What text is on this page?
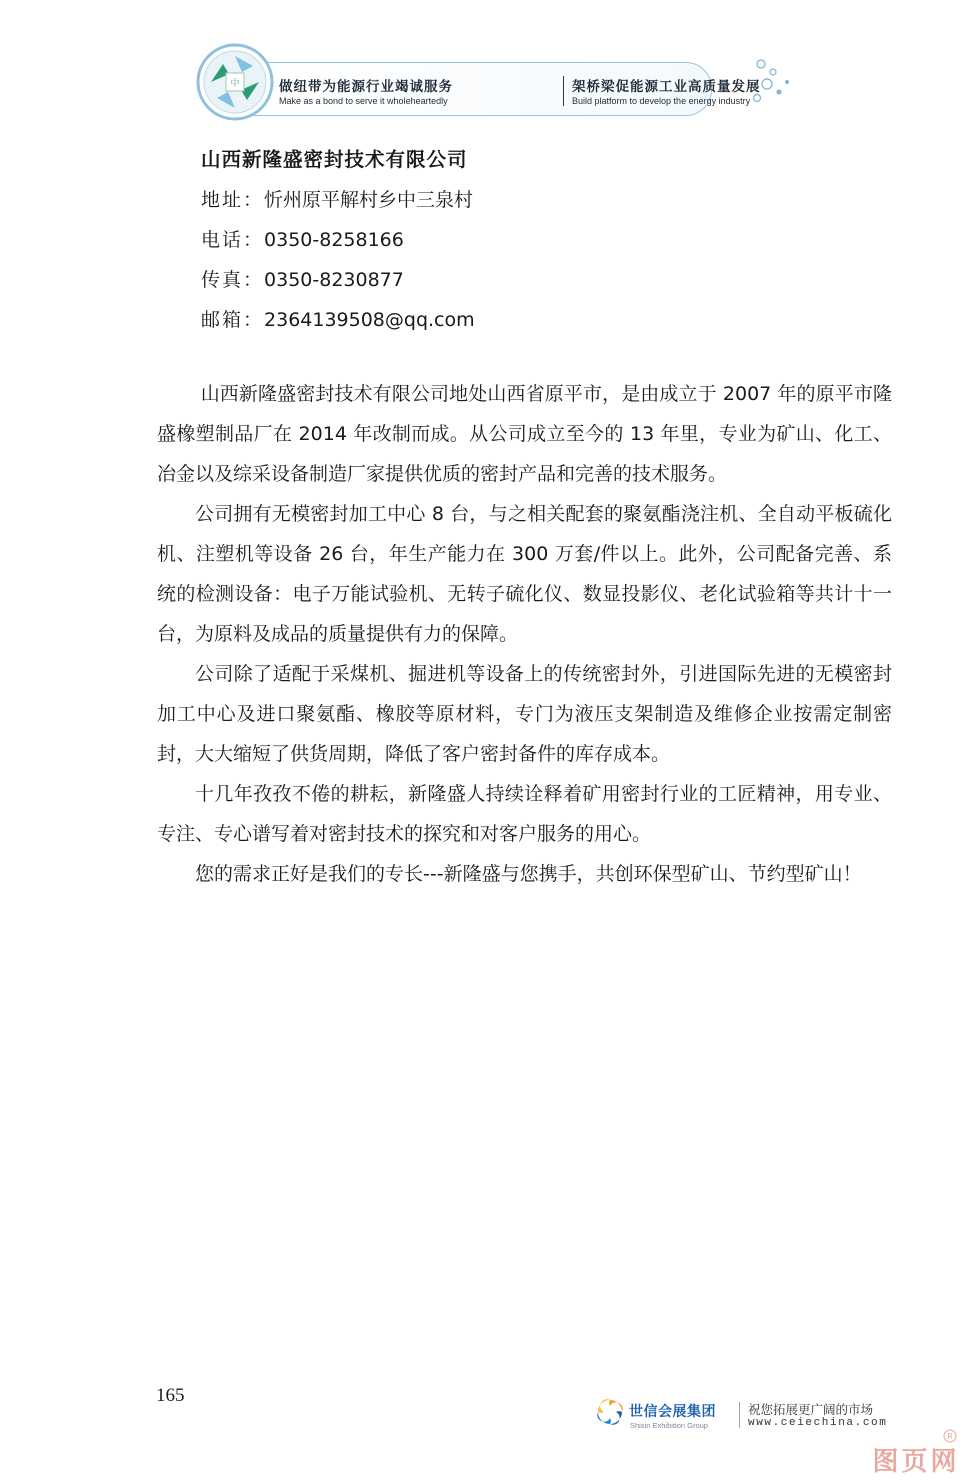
做纽带为能源行业竭诚服务
Make as a bond to serve it wholeheartedly
架桥梁促能源工业高质量发展
Build platform to develop the energy industry
中
山西新隆盛密封技术有限公司
地址：忻州原平解村乡中三泉村
电话：0350-8258166
传真：0350-8230877
邮箱：2364139508@qq.com

山西新隆盛密封技术有限公司地处山西省原平市，是由成立于 2007 年的原平市隆盛橡塑制品厂在 2014 年改制而成。从公司成立至今的 13 年里，专业为矿山、化工、冶金以及综采设备制造厂家提供优质的密封产品和完善的技术服务。

公司拥有无模密封加工中心 8 台，与之相关配套的聚氨酯浇注机、全自动平板硫化机、注塑机等设备 26 台，年生产能力在 300 万套/件以上。此外，公司配备完善、系统的检测设备：电子万能试验机、无转子硫化仪、数显投影仪、老化试验箱等共计十一台，为原料及成品的质量提供有力的保障。

公司除了适配于采煤机、掘进机等设备上的传统密封外，引进国际先进的无模密封加工中心及进口聚氨酯、橡胶等原材料，专门为液压支架制造及维修企业按需定制密封，大大缩短了供货周期，降低了客户密封备件的库存成本。

十几年孜孜不倦的耕耘，新隆盛人持续诠释着矿用密封行业的工匠精神，用专业、专注、专心谱写着对密封技术的探究和对客户服务的用心。

您的需求正好是我们的专长---新隆盛与您携手，共创环保型矿山、节约型矿山！

165
世信会展集团
Shixin Exhibition Group
祝您拓展更广阔的市场
www.ceiechina.com
R
图页网
